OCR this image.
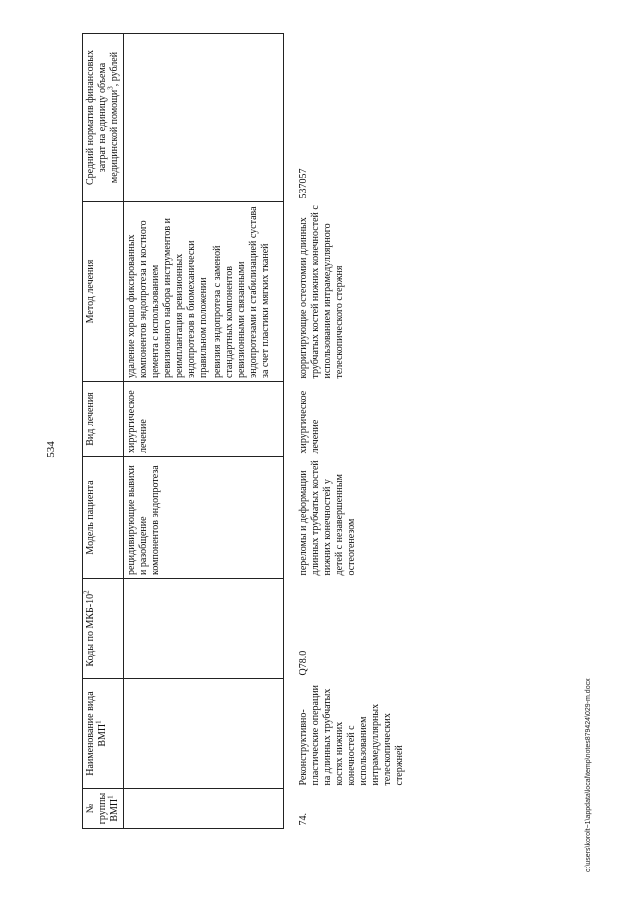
534
№ группы ВМП$^1$	Наименование вида ВМП$^1$	Коды по МКБ-$10^2$	Модель пациента	Вид лечения	Метод лечения	Средний норматив финансовых затрат на единицу объема медицинской помощи$^3$, рублей
			рецидивирующие вывихи и разобщение компонентов эндопротеза	хирургическое лечение	удаление хорошо фиксированных компонентов эндопротеза и костного цемента с использованием ревизионного набора инструментов и реимплантация ревизионных эндопротезов в биомеханически правильном положении ревизия эндопротеза с заменой стандартных компонентов ревизионными связанными эндопротезами и стабилизацией сустава за счет пластики мягких тканей	

74.	Реконструктивно-пластические операции на длинных трубчатых костях нижних конечностей с использованием интрамедуллярных телескопических стержней	Q78.0	переломы и деформации длинных трубчатых костей нижних конечностей у детей с незавершенным остеогенезом	хирургическое лечение	корригирующие остеотомии длинных трубчатых костей нижних конечностей с использованием интрамедуллярного телескопического стержня	537057
c:\users\korolt~1\appdata\local\temp\notes879424\029-m.docx
